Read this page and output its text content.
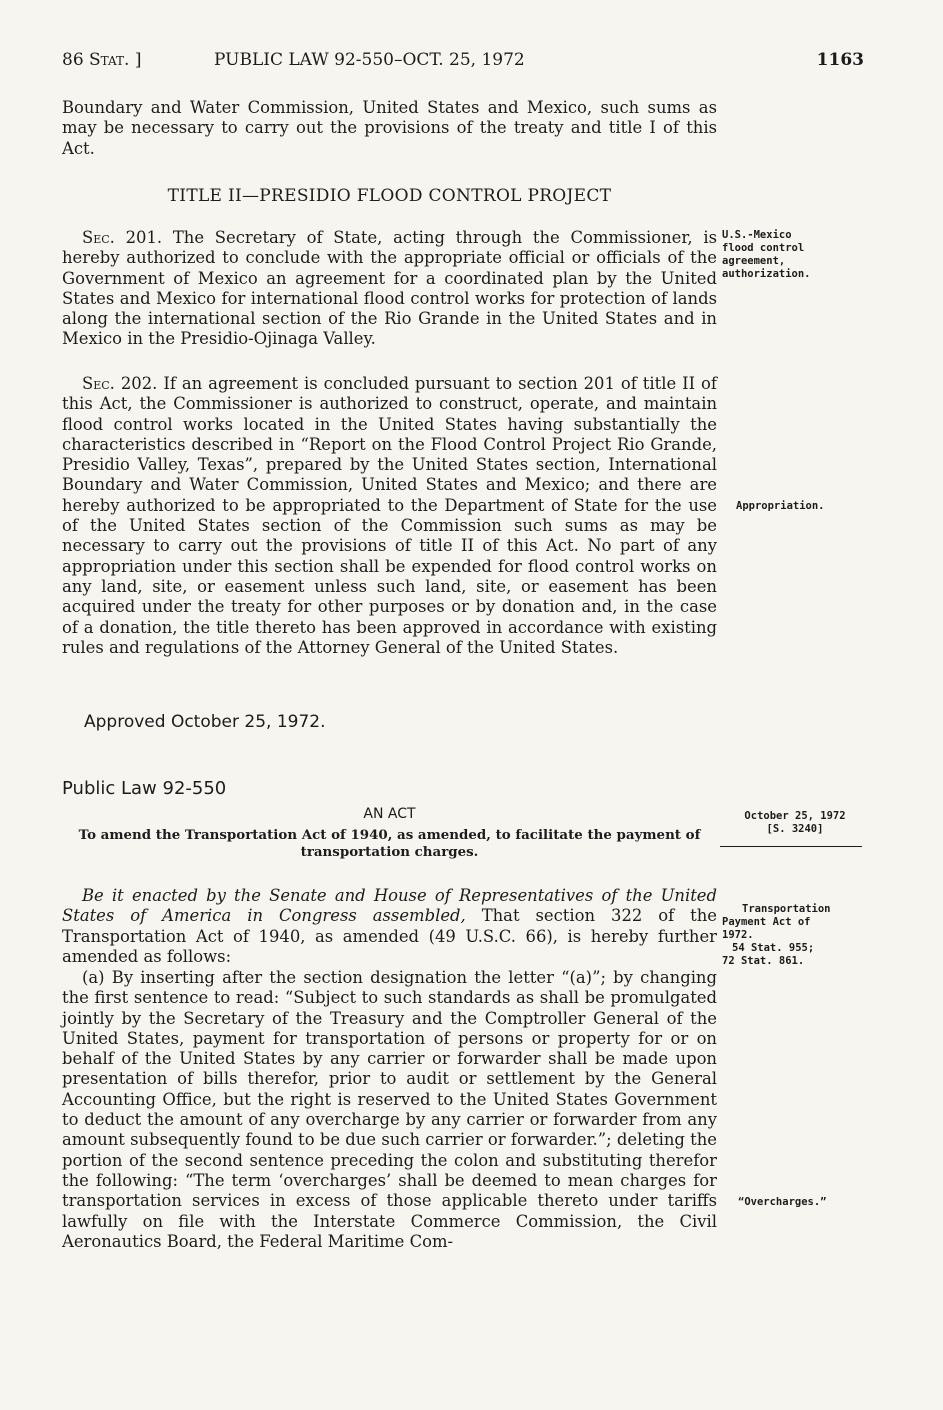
86 Stat. ]	PUBLIC LAW 92-550–OCT. 25, 1972	1163

Boundary and Water Commission, United States and Mexico, such sums as may be necessary to carry out the provisions of the treaty and title I of this Act.

TITLE II—PRESIDIO FLOOD CONTROL PROJECT

Sec. 201. The Secretary of State, acting through the Commissioner, is hereby authorized to conclude with the appropriate official or officials of the Government of Mexico an agreement for a coordinated plan by the United States and Mexico for international flood control works for protection of lands along the international section of the Rio Grande in the United States and in Mexico in the Presidio-Ojinaga Valley.

Sec. 202. If an agreement is concluded pursuant to section 201 of title II of this Act, the Commissioner is authorized to construct, operate, and maintain flood control works located in the United States having substantially the characteristics described in “Report on the Flood Control Project Rio Grande, Presidio Valley, Texas”, prepared by the United States section, International Boundary and Water Commission, United States and Mexico; and there are hereby authorized to be appropriated to the Department of State for the use of the United States section of the Commission such sums as may be necessary to carry out the provisions of title II of this Act. No part of any appropriation under this section shall be expended for flood control works on any land, site, or easement unless such land, site, or easement has been acquired under the treaty for other purposes or by donation and, in the case of a donation, the title thereto has been approved in accordance with existing rules and regulations of the Attorney General of the United States.

Approved October 25, 1972.
Public Law 92-550
AN ACT
To amend the Transportation Act of 1940, as amended, to facilitate the payment of transportation charges.

Be it enacted by the Senate and House of Representatives of the United States of America in Congress assembled, That section 322 of the Transportation Act of 1940, as amended (49 U.S.C. 66), is hereby further amended as follows:

(a) By inserting after the section designation the letter “(a)”; by changing the first sentence to read: “Subject to such standards as shall be promulgated jointly by the Secretary of the Treasury and the Comptroller General of the United States, payment for transportation of persons or property for or on behalf of the United States by any carrier or forwarder shall be made upon presentation of bills therefor, prior to audit or settlement by the General Accounting Office, but the right is reserved to the United States Government to deduct the amount of any overcharge by any carrier or forwarder from any amount subsequently found to be due such carrier or forwarder.”; deleting the portion of the second sentence preceding the colon and substituting therefor the following: “The term ‘overcharges’ shall be deemed to mean charges for transportation services in excess of those applicable thereto under tariffs lawfully on file with the Interstate Commerce Commission, the Civil Aeronautics Board, the Federal Maritime Com-

U.S.-Mexico
flood control
agreement,
authorization.
Appropriation.
October 25, 1972
[S. 3240]
Transportation
Payment Act of
1972.
54 Stat. 955;
72 Stat. 861.
“Overcharges.”
